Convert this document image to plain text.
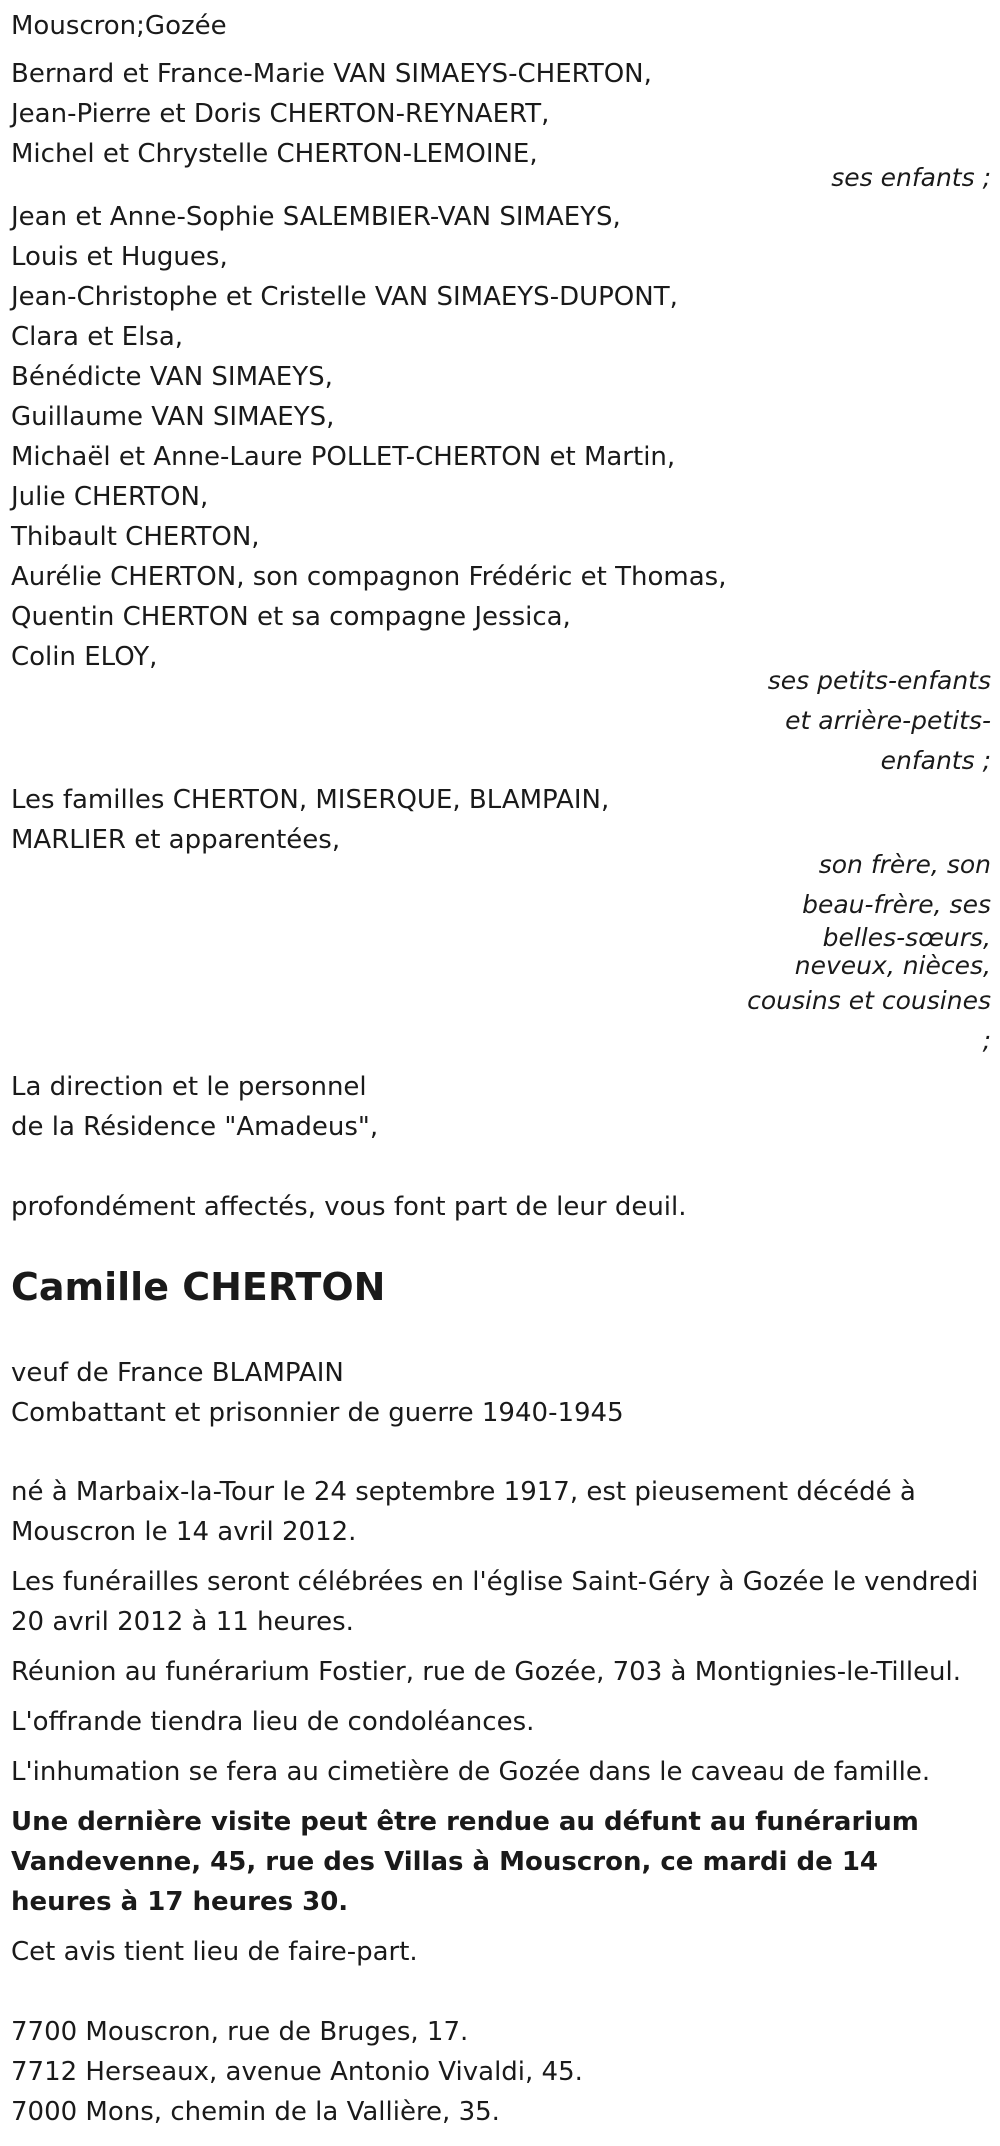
Mouscron;Gozée
Bernard et France-Marie VAN SIMAEYS-CHERTON,
Jean-Pierre et Doris CHERTON-REYNAERT,
Michel et Chrystelle CHERTON-LEMOINE,
ses enfants ;
Jean et Anne-Sophie SALEMBIER-VAN SIMAEYS,
Louis et Hugues,
Jean-Christophe et Cristelle VAN SIMAEYS-DUPONT,
Clara et Elsa,
Bénédicte VAN SIMAEYS,
Guillaume VAN SIMAEYS,
Michaël et Anne-Laure POLLET-CHERTON et Martin,
Julie CHERTON,
Thibault CHERTON,
Aurélie CHERTON, son compagnon Frédéric et Thomas,
Quentin CHERTON et sa compagne Jessica,
Colin ELOY,
ses petits-enfants
et arrière-petits-
enfants ;
Les familles CHERTON, MISERQUE, BLAMPAIN,
MARLIER et apparentées,
son frère, son
beau-frère, ses
belles-sœurs,
neveux, nièces,
cousins et cousines
;
La direction et le personnel
de la Résidence "Amadeus",
profondément affectés, vous font part de leur deuil.
Camille CHERTON
veuf de France BLAMPAIN
Combattant et prisonnier de guerre 1940-1945
né à Marbaix-la-Tour le 24 septembre 1917, est pieusement décédé à Mouscron le 14 avril 2012.
Les funérailles seront célébrées en l'église Saint-Géry à Gozée le vendredi 20 avril 2012 à 11 heures.
Réunion au funérarium Fostier, rue de Gozée, 703 à Montignies-le-Tilleul.
L'offrande tiendra lieu de condoléances.
L'inhumation se fera au cimetière de Gozée dans le caveau de famille.
Une dernière visite peut être rendue au défunt au funérarium Vandevenne, 45, rue des Villas à Mouscron, ce mardi de 14 heures à 17 heures 30.
Cet avis tient lieu de faire-part.
7700 Mouscron, rue de Bruges, 17.
7712 Herseaux, avenue Antonio Vivaldi, 45.
7000 Mons, chemin de la Vallière, 35.
